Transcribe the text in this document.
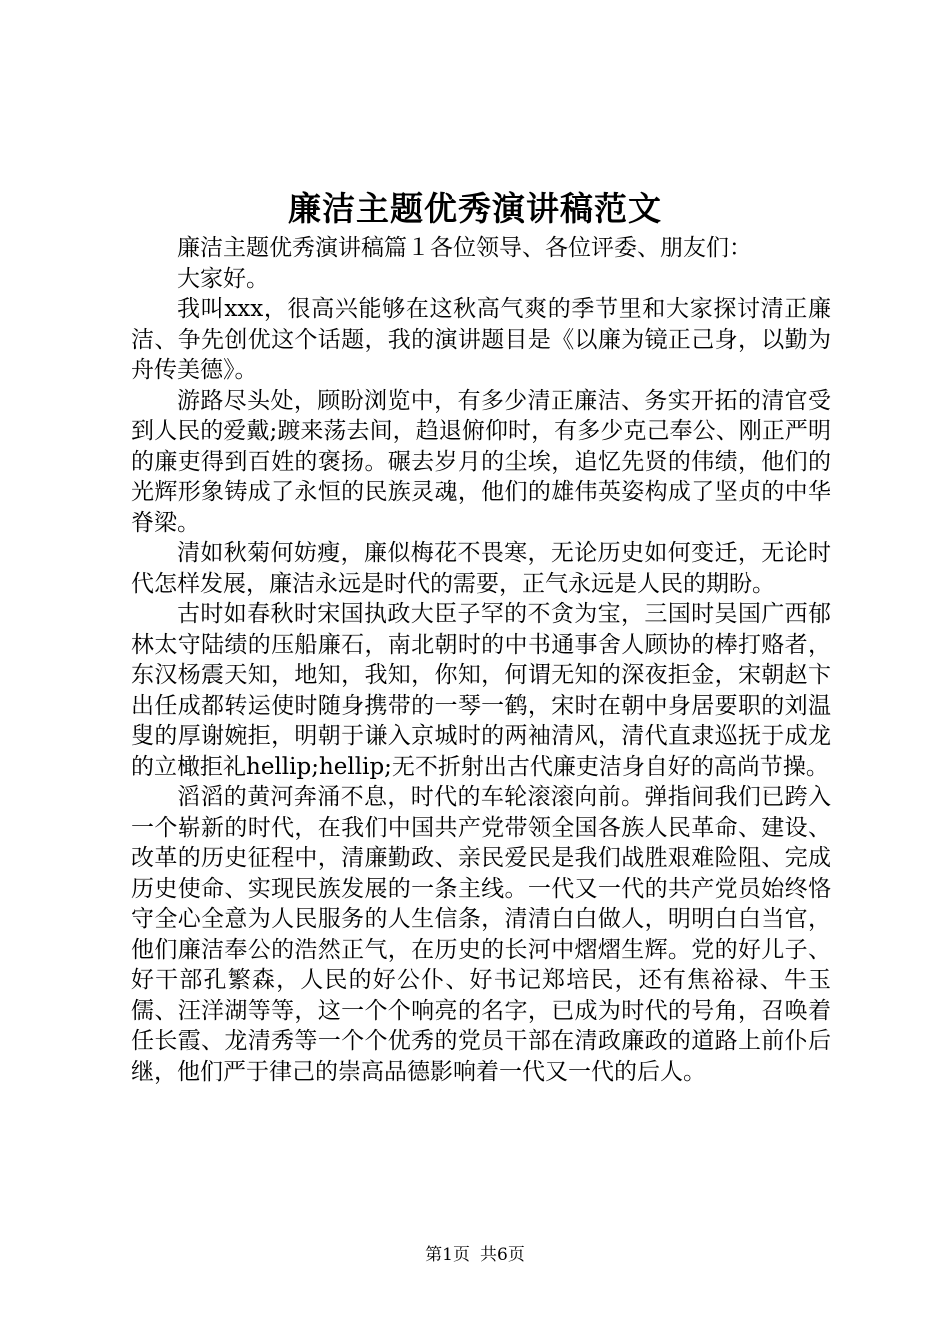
廉洁主题优秀演讲稿范文

廉洁主题优秀演讲稿篇１各位领导、各位评委、朋友们：

大家好。

我叫xxx，很高兴能够在这秋高气爽的季节里和大家探讨清正廉洁、争先创优这个话题，我的演讲题目是《以廉为镜正己身，以勤为舟传美德》。

游路尽头处，顾盼浏览中，有多少清正廉洁、务实开拓的清官受到人民的爱戴;踱来荡去间，趋退俯仰时，有多少克己奉公、刚正严明的廉吏得到百姓的褒扬。碾去岁月的尘埃，追忆先贤的伟绩，他们的光辉形象铸成了永恒的民族灵魂，他们的雄伟英姿构成了坚贞的中华脊梁。

清如秋菊何妨瘦，廉似梅花不畏寒，无论历史如何变迁，无论时代怎样发展，廉洁永远是时代的需要，正气永远是人民的期盼。

古时如春秋时宋国执政大臣子罕的不贪为宝，三国时吴国广西郁林太守陆绩的压船廉石，南北朝时的中书通事舍人顾协的棒打赂者，东汉杨震天知，地知，我知，你知，何谓无知的深夜拒金，宋朝赵卞出任成都转运使时随身携带的一琴一鹤，宋时在朝中身居要职的刘温叟的厚谢婉拒，明朝于谦入京城时的两袖清风，清代直隶巡抚于成龙的立橄拒礼hellip;hellip;无不折射出古代廉吏洁身自好的高尚节操。

滔滔的黄河奔涌不息，时代的车轮滚滚向前。弹指间我们已跨入一个崭新的时代，在我们中国共产党带领全国各族人民革命、建设、改革的历史征程中，清廉勤政、亲民爱民是我们战胜艰难险阻、完成历史使命、实现民族发展的一条主线。一代又一代的共产党员始终恪守全心全意为人民服务的人生信条，清清白白做人，明明白白当官，他们廉洁奉公的浩然正气，在历史的长河中熠熠生辉。党的好儿子、好干部孔繁森，人民的好公仆、好书记郑培民，还有焦裕禄、牛玉儒、汪洋湖等等，这一个个响亮的名字，已成为时代的号角，召唤着任长霞、龙清秀等一个个优秀的党员干部在清政廉政的道路上前仆后继，他们严于律己的崇高品德影响着一代又一代的后人。

第1页 共6页
